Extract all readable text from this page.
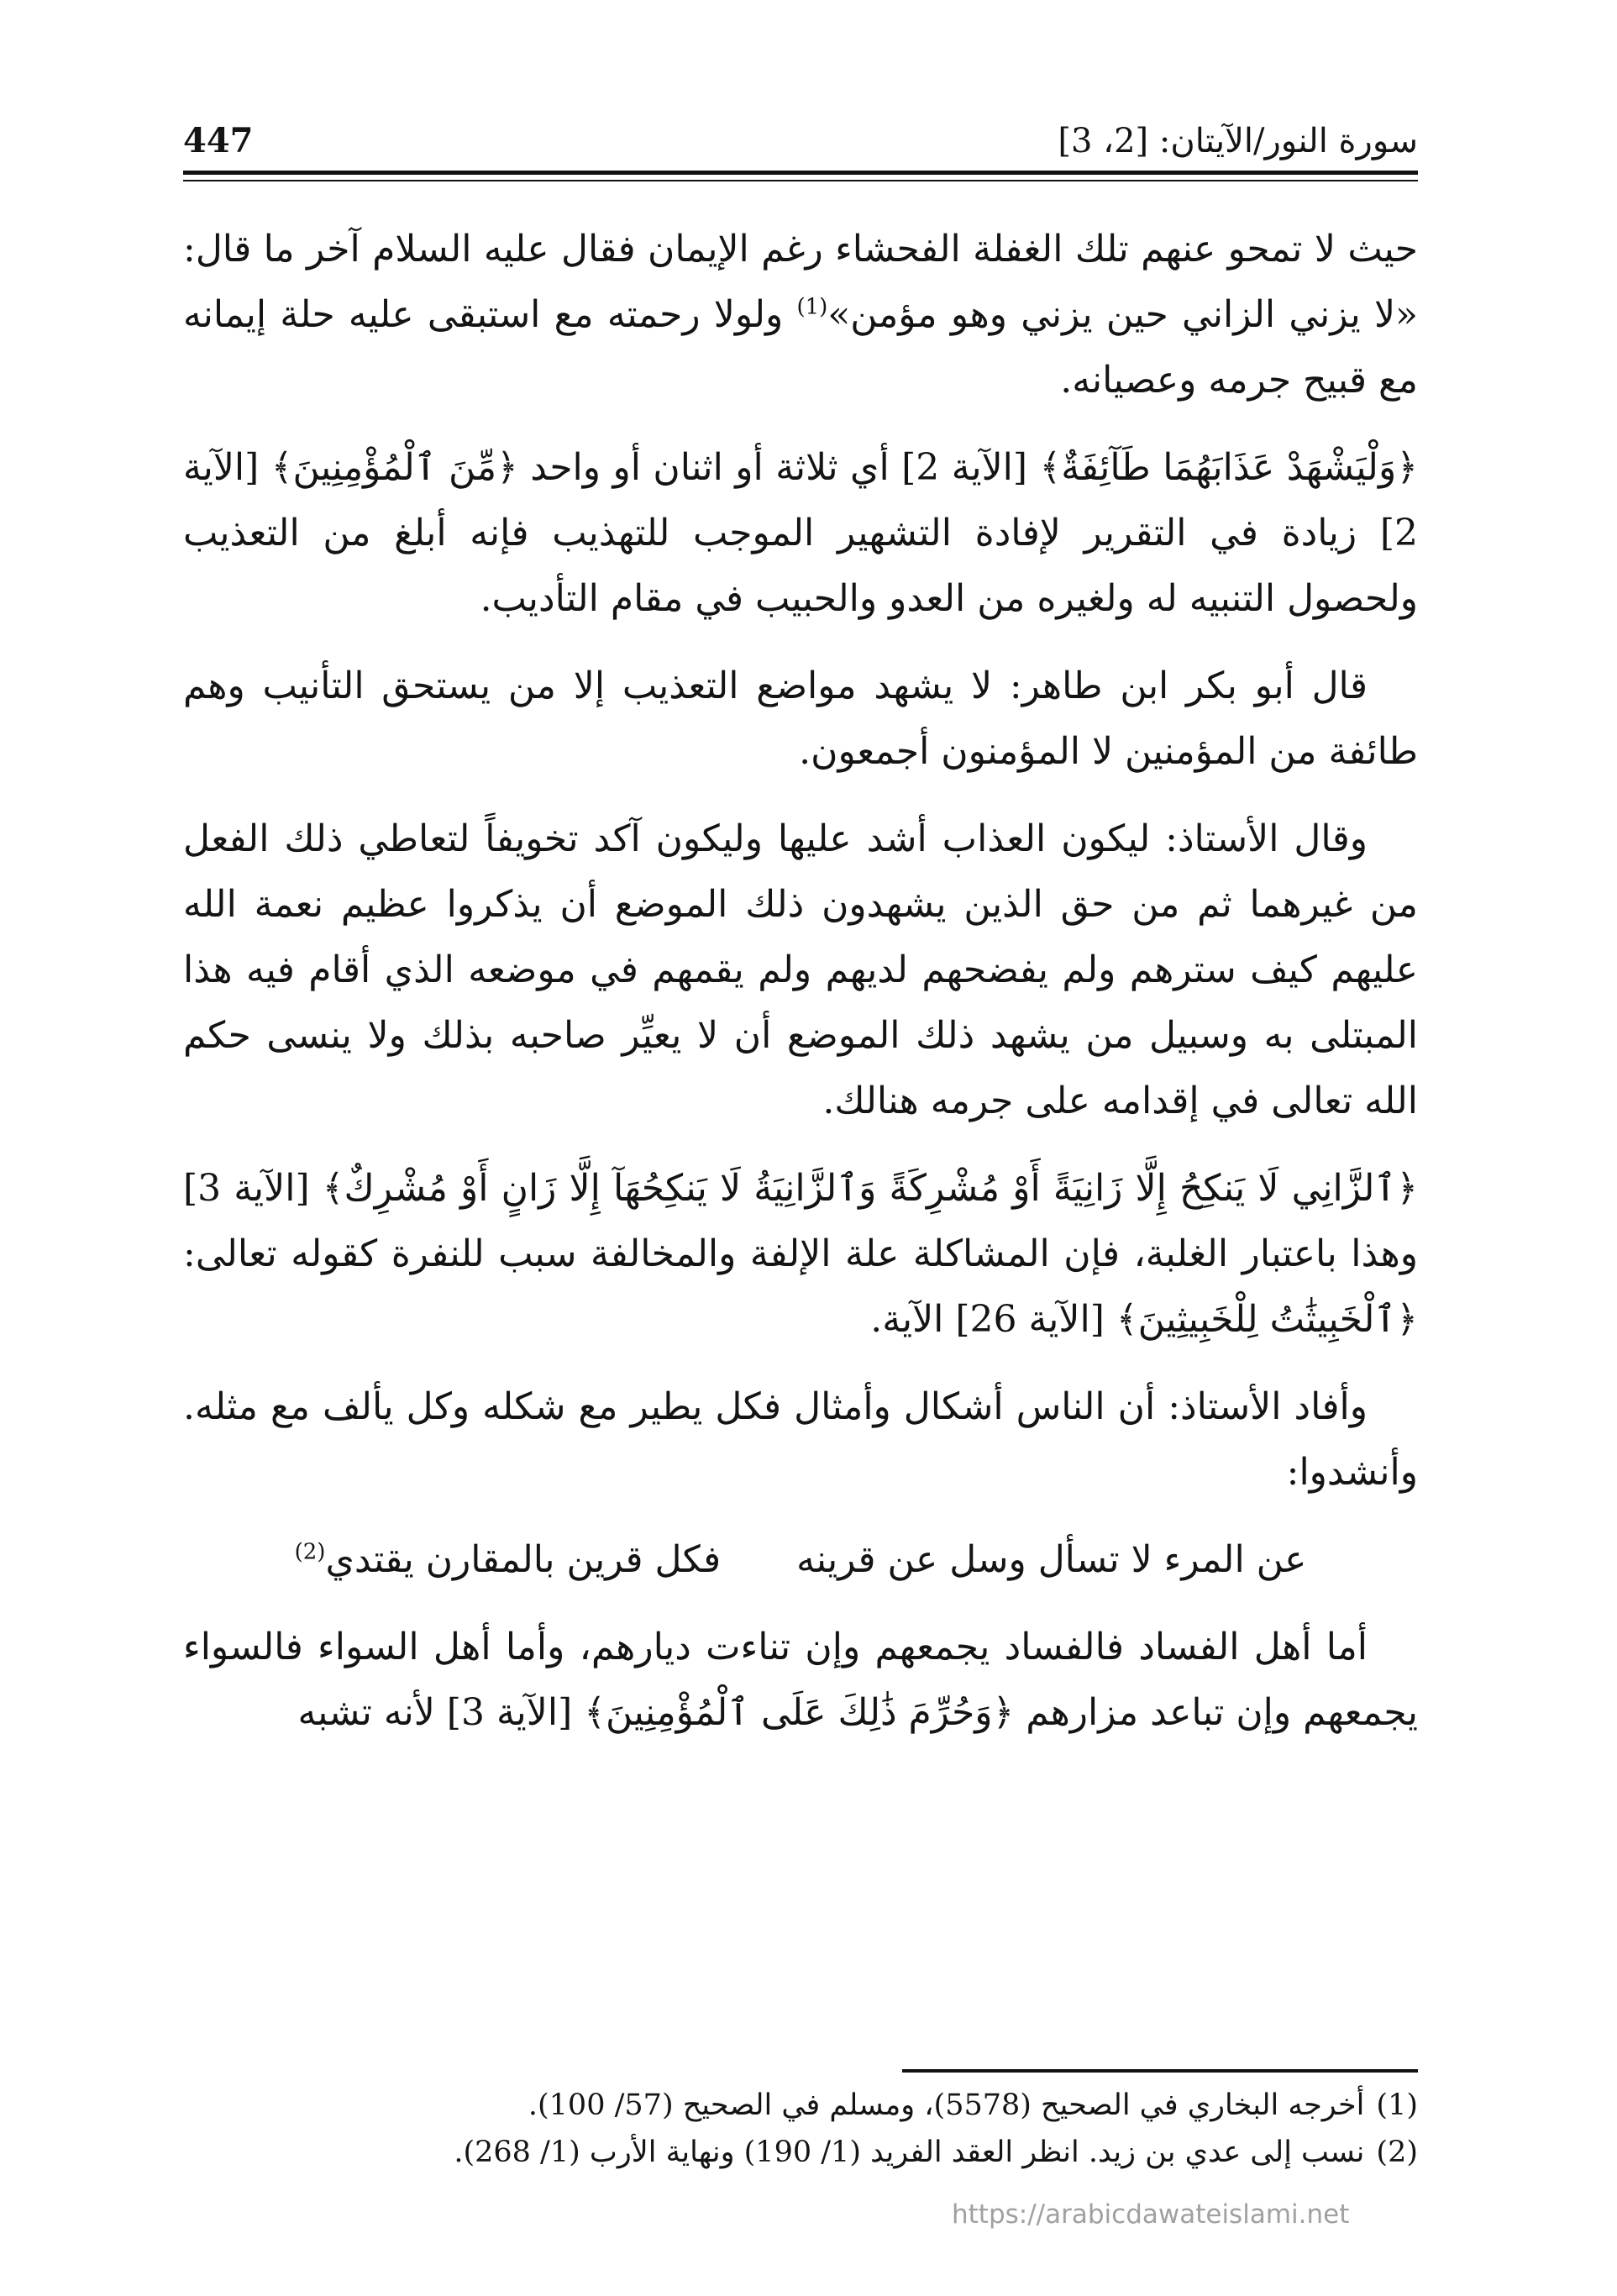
سورة النور/الآيتان: [2، 3]
447

حيث لا تمحو عنهم تلك الغفلة الفحشاء رغم الإيمان فقال عليه السلام آخر ما قال: «لا يزني الزاني حين يزني وهو مؤمن»$^{(1)}$ ولولا رحمته مع استبقى عليه حلة إيمانه مع قبيح جرمه وعصيانه.

﴿وَلْيَشْهَدْ عَذَابَهُمَا طَآئِفَةٌ﴾ [الآية 2] أي ثلاثة أو اثنان أو واحد ﴿مِّنَ ٱلْمُؤْمِنِينَ﴾ [الآية 2] زيادة في التقرير لإفادة التشهير الموجب للتهذيب فإنه أبلغ من التعذيب ولحصول التنبيه له ولغيره من العدو والحبيب في مقام التأديب.

قال أبو بكر ابن طاهر: لا يشهد مواضع التعذيب إلا من يستحق التأنيب وهم طائفة من المؤمنين لا المؤمنون أجمعون.

وقال الأستاذ: ليكون العذاب أشد عليها وليكون آكد تخويفاً لتعاطي ذلك الفعل من غيرهما ثم من حق الذين يشهدون ذلك الموضع أن يذكروا عظيم نعمة الله عليهم كيف سترهم ولم يفضحهم لديهم ولم يقمهم في موضعه الذي أقام فيه هذا المبتلى به وسبيل من يشهد ذلك الموضع أن لا يعيِّر صاحبه بذلك ولا ينسى حكم الله تعالى في إقدامه على جرمه هنالك.

﴿ٱلزَّانِي لَا يَنكِحُ إِلَّا زَانِيَةً أَوْ مُشْرِكَةً وَٱلزَّانِيَةُ لَا يَنكِحُهَآ إِلَّا زَانٍ أَوْ مُشْرِكٌ﴾ [الآية 3] وهذا باعتبار الغلبة، فإن المشاكلة علة الإلفة والمخالفة سبب للنفرة كقوله تعالى: ﴿ٱلْخَبِيثَٰتُ لِلْخَبِيثِينَ﴾ [الآية 26] الآية.

وأفاد الأستاذ: أن الناس أشكال وأمثال فكل يطير مع شكله وكل يألف مع مثله. وأنشدوا:

عن المرء لا تسأل وسل عن قرينه
فكل قرين بالمقارن يقتدي$^{(2)}$

أما أهل الفساد فالفساد يجمعهم وإن تناءت ديارهم، وأما أهل السواء فالسواء يجمعهم وإن تباعد مزارهم ﴿وَحُرِّمَ ذَٰلِكَ عَلَى ٱلْمُؤْمِنِينَ﴾ [الآية 3] لأنه تشبه

(1)أخرجه البخاري في الصحيح (5578)، ومسلم في الصحيح (57/ 100).
(2)نسب إلى عدي بن زيد. انظر العقد الفريد (1/ 190) ونهاية الأرب (1/ 268).
https://arabicdawateislami.net
